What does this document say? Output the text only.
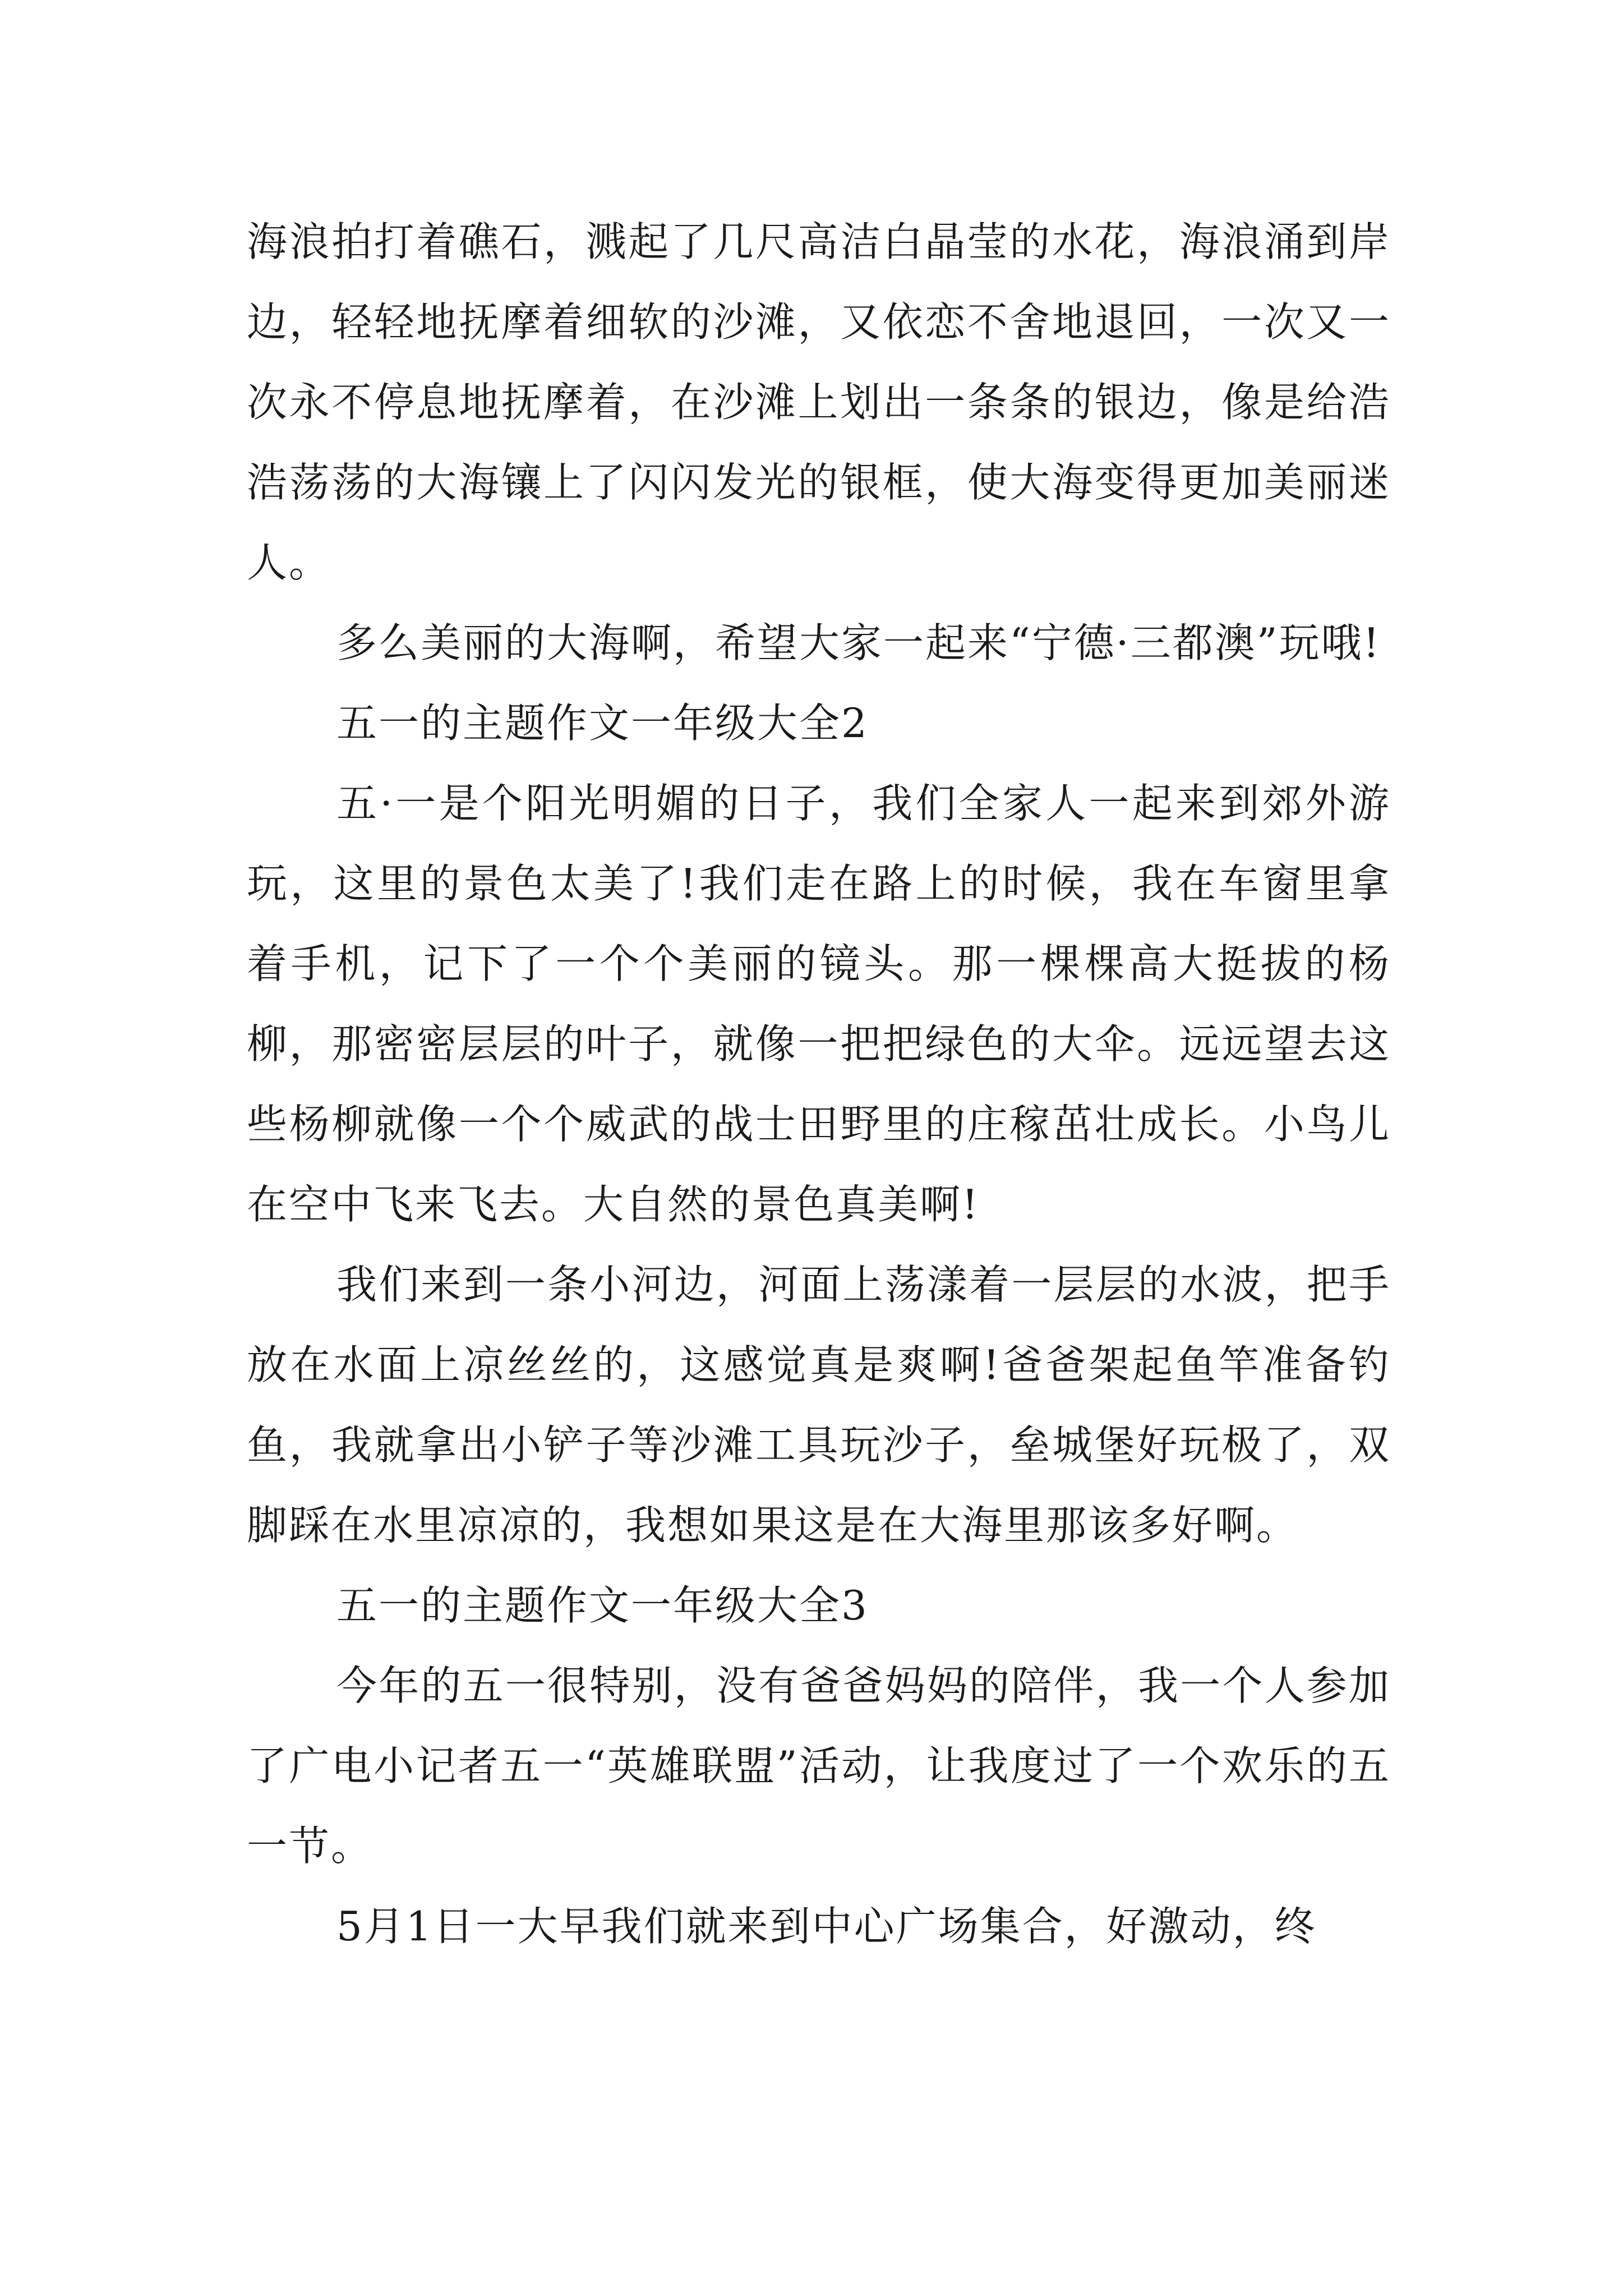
海浪拍打着礁石，溅起了几尺高洁白晶莹的水花，海浪涌到岸边，轻轻地抚摩着细软的沙滩，又依恋不舍地退回，一次又一次永不停息地抚摩着，在沙滩上划出一条条的银边，像是给浩浩荡荡的大海镶上了闪闪发光的银框，使大海变得更加美丽迷人。

多么美丽的大海啊，希望大家一起来“宁德·三都澳”玩哦!

五一的主题作文一年级大全2

五·一是个阳光明媚的日子，我们全家人一起来到郊外游玩，这里的景色太美了!我们走在路上的时候，我在车窗里拿着手机，记下了一个个美丽的镜头。那一棵棵高大挺拔的杨柳，那密密层层的叶子，就像一把把绿色的大伞。远远望去这些杨柳就像一个个威武的战士田野里的庄稼茁壮成长。小鸟儿在空中飞来飞去。大自然的景色真美啊!

我们来到一条小河边，河面上荡漾着一层层的水波，把手放在水面上凉丝丝的，这感觉真是爽啊!爸爸架起鱼竿准备钓鱼，我就拿出小铲子等沙滩工具玩沙子，垒城堡好玩极了，双脚踩在水里凉凉的，我想如果这是在大海里那该多好啊。

五一的主题作文一年级大全3

今年的五一很特别，没有爸爸妈妈的陪伴，我一个人参加了广电小记者五一“英雄联盟”活动，让我度过了一个欢乐的五一节。

5月1日一大早我们就来到中心广场集合，好激动，终
